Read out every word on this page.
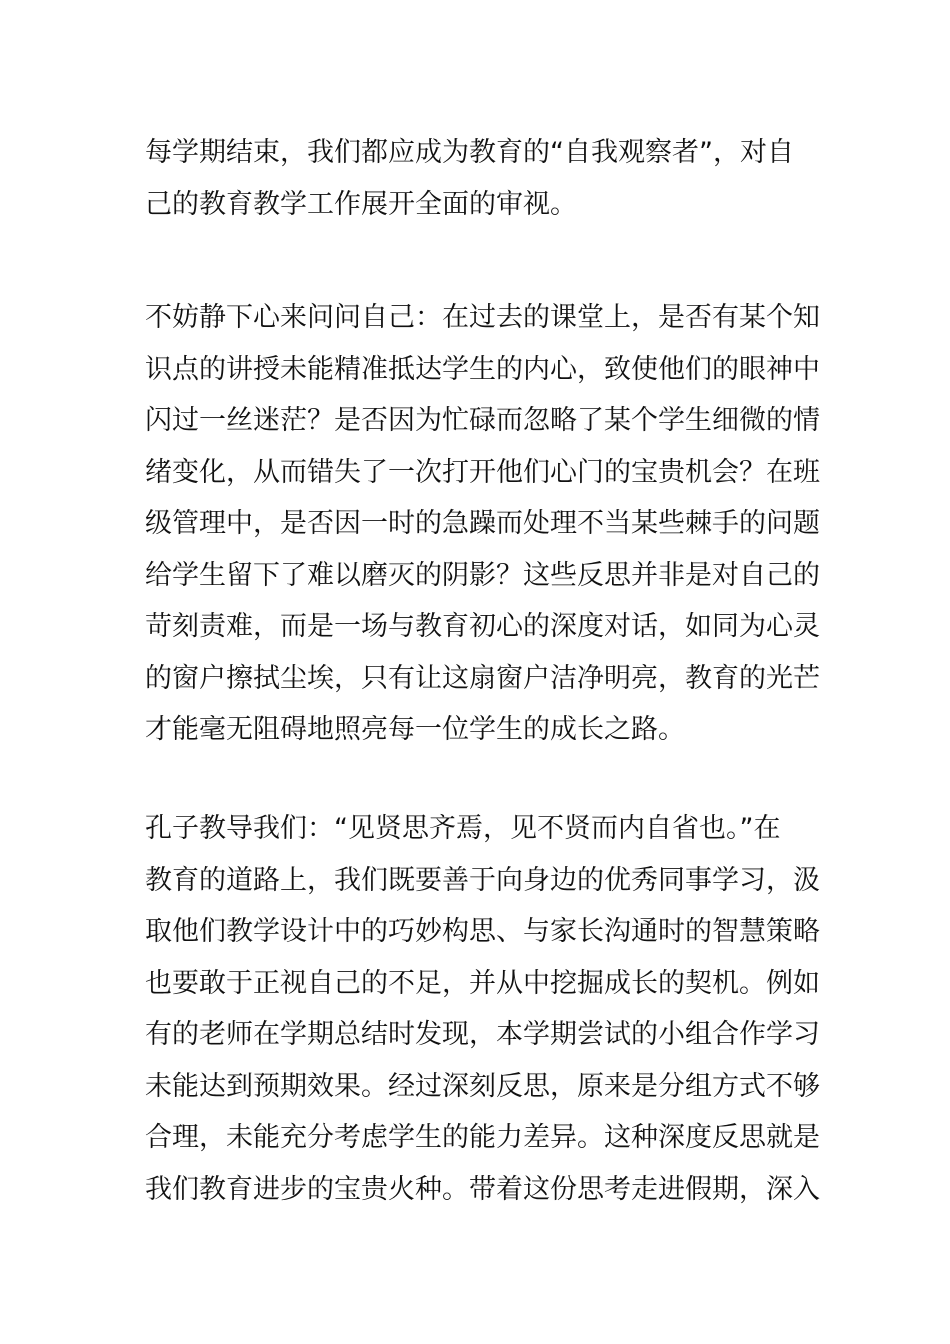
每学期结束，我们都应成为教育的“自我观察者”，对自
己的教育教学工作展开全面的审视。

不妨静下心来问问自己：在过去的课堂上，是否有某个知
识点的讲授未能精准抵达学生的内心，致使他们的眼神中
闪过一丝迷茫？是否因为忙碌而忽略了某个学生细微的情
绪变化，从而错失了一次打开他们心门的宝贵机会？在班
级管理中，是否因一时的急躁而处理不当某些棘手的问题
给学生留下了难以磨灭的阴影？这些反思并非是对自己的
苛刻责难，而是一场与教育初心的深度对话，如同为心灵
的窗户擦拭尘埃，只有让这扇窗户洁净明亮，教育的光芒
才能毫无阻碍地照亮每一位学生的成长之路。

孔子教导我们：“见贤思齐焉，见不贤而内自省也。”在
教育的道路上，我们既要善于向身边的优秀同事学习，汲
取他们教学设计中的巧妙构思、与家长沟通时的智慧策略
也要敢于正视自己的不足，并从中挖掘成长的契机。例如
有的老师在学期总结时发现，本学期尝试的小组合作学习
未能达到预期效果。经过深刻反思，原来是分组方式不够
合理，未能充分考虑学生的能力差异。这种深度反思就是
我们教育进步的宝贵火种。带着这份思考走进假期，深入
